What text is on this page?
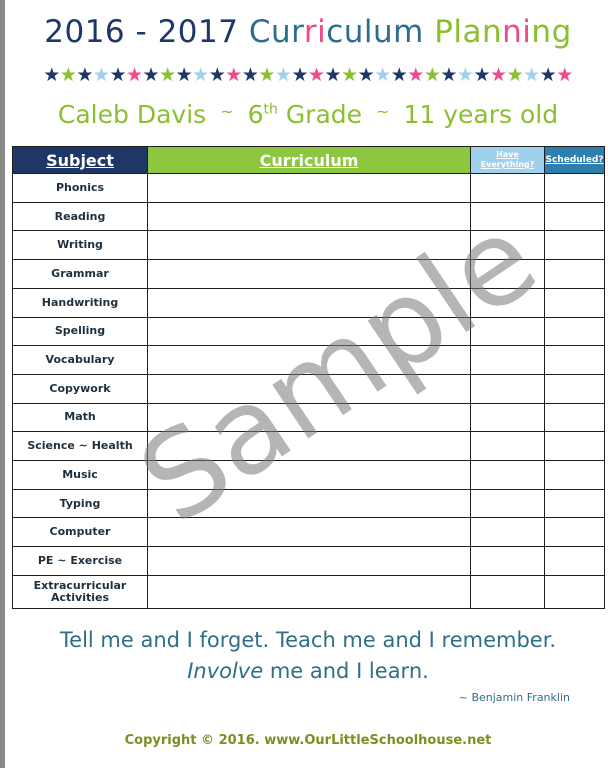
2016 - 2017 Curriculum Planning
★★★★★★★★★★★★★★★★★★★★★★★★★★★★★★★★
Caleb Davis ~ 6th Grade ~ 11 years old
Subject	Curriculum	Have Everything?	Scheduled?
Phonics			
Reading			
Writing			
Grammar			
Handwriting			
Spelling			
Vocabulary			
Copywork			
Math			
Science ~ Health			
Music			
Typing			
Computer			
PE ~ Exercise			
Extracurricular Activities			
Sample
Tell me and I forget. Teach me and I remember.
Involve me and I learn.
~ Benjamin Franklin
Copyright © 2016. www.OurLittleSchoolhouse.net
